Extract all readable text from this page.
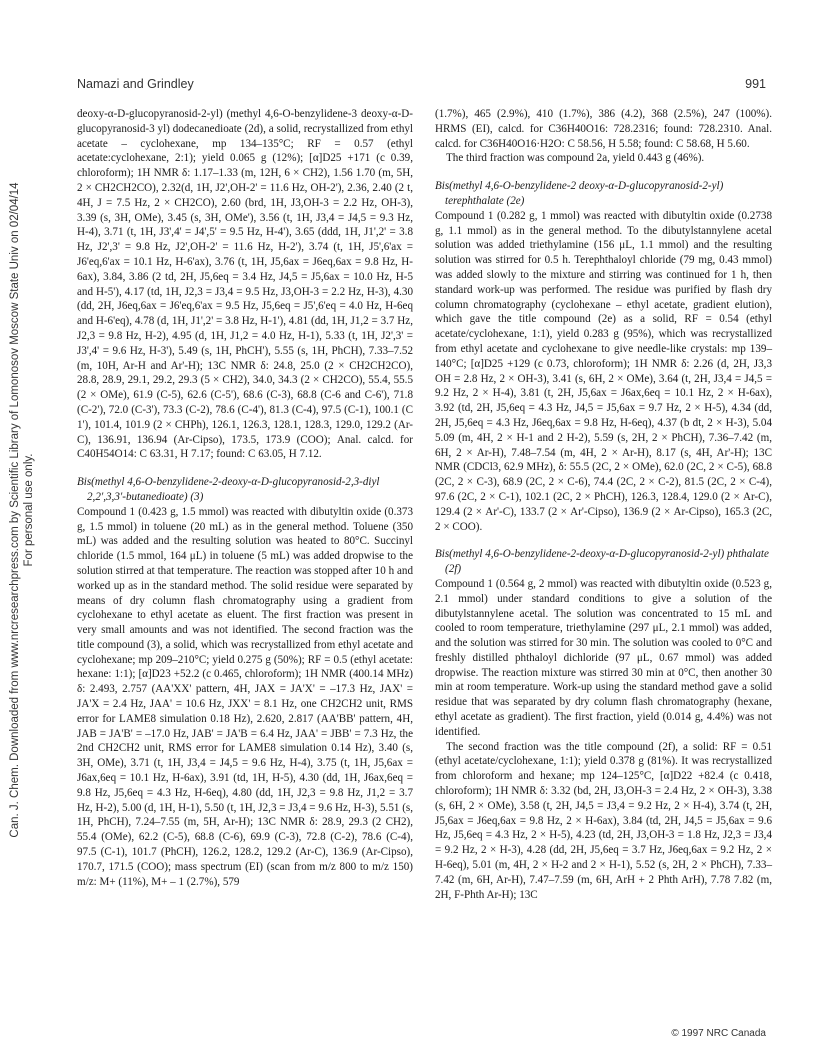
Can. J. Chem. Downloaded from www.nrcresearchpress.com by Scientific Library of Lomonosov Moscow State Univ on 02/04/14 For personal use only.
Namazi and Grindley	991

deoxy-α-D-glucopyranosid-2-yl) (methyl 4,6-O-benzylidene-3 deoxy-α-D-glucopyranosid-3 yl) dodecanedioate (2d), a solid, recrystallized from ethyl acetate – cyclohexane, mp 134–135°C; RF = 0.57 (ethyl acetate:cyclohexane, 2:1); yield 0.065 g (12%); [α]D25 +171 (c 0.39, chloroform); 1H NMR δ: 1.17–1.33 (m, 12H, 6 × CH2), 1.56 1.70 (m, 5H, 2 × CH2CH2CO), 2.32(d, 1H, J2',OH-2' = 11.6 Hz, OH-2'), 2.36, 2.40 (2 t, 4H, J = 7.5 Hz, 2 × CH2CO), 2.60 (brd, 1H, J3,OH-3 = 2.2 Hz, OH-3), 3.39 (s, 3H, OMe), 3.45 (s, 3H, OMe'), 3.56 (t, 1H, J3,4 = J4,5 = 9.3 Hz, H-4), 3.71 (t, 1H, J3',4' = J4',5' = 9.5 Hz, H-4'), 3.65 (ddd, 1H, J1',2' = 3.8 Hz, J2',3' = 9.8 Hz, J2',OH-2' = 11.6 Hz, H-2'), 3.74 (t, 1H, J5',6'ax = J6'eq,6'ax = 10.1 Hz, H-6'ax), 3.76 (t, 1H, J5,6ax = J6eq,6ax = 9.8 Hz, H-6ax), 3.84, 3.86 (2 td, 2H, J5,6eq = 3.4 Hz, J4,5 = J5,6ax = 10.0 Hz, H-5 and H-5'), 4.17 (td, 1H, J2,3 = J3,4 = 9.5 Hz, J3,OH-3 = 2.2 Hz, H-3), 4.30 (dd, 2H, J6eq,6ax = J6'eq,6'ax = 9.5 Hz, J5,6eq = J5',6'eq = 4.0 Hz, H-6eq and H-6'eq), 4.78 (d, 1H, J1',2' = 3.8 Hz, H-1'), 4.81 (dd, 1H, J1,2 = 3.7 Hz, J2,3 = 9.8 Hz, H-2), 4.95 (d, 1H, J1,2 = 4.0 Hz, H-1), 5.33 (t, 1H, J2',3' = J3',4' = 9.6 Hz, H-3'), 5.49 (s, 1H, PhCH'), 5.55 (s, 1H, PhCH), 7.33–7.52 (m, 10H, Ar-H and Ar'-H); 13C NMR δ: 24.8, 25.0 (2 × CH2CH2CO), 28.8, 28.9, 29.1, 29.2, 29.3 (5 × CH2), 34.0, 34.3 (2 × CH2CO), 55.4, 55.5 (2 × OMe), 61.9 (C-5), 62.6 (C-5'), 68.6 (C-3), 68.8 (C-6 and C-6'), 71.8 (C-2'), 72.0 (C-3'), 73.3 (C-2), 78.6 (C-4'), 81.3 (C-4), 97.5 (C-1), 100.1 (C 1'), 101.4, 101.9 (2 × CHPh), 126.1, 126.3, 128.1, 128.3, 129.0, 129.2 (Ar-C), 136.91, 136.94 (Ar-Cipso), 173.5, 173.9 (COO); Anal. calcd. for C40H54O14: C 63.31, H 7.17; found: C 63.05, H 7.12.

Bis(methyl 4,6-O-benzylidene-2-deoxy-α-D-glucopyranosid-2,3-diyl 2,2',3,3'-butanedioate) (3)

Compound 1 (0.423 g, 1.5 mmol) was reacted with dibutyltin oxide (0.373 g, 1.5 mmol) in toluene (20 mL) as in the general method. Toluene (350 mL) was added and the resulting solution was heated to 80°C. Succinyl chloride (1.5 mmol, 164 μL) in toluene (5 mL) was added dropwise to the solution stirred at that temperature. The reaction was stopped after 10 h and worked up as in the standard method. The solid residue were separated by means of dry column flash chromatography using a gradient from cyclohexane to ethyl acetate as eluent. The first fraction was present in very small amounts and was not identified. The second fraction was the title compound (3), a solid, which was recrystallized from ethyl acetate and cyclohexane; mp 209–210°C; yield 0.275 g (50%); RF = 0.5 (ethyl acetate: hexane: 1:1); [α]D23 +52.2 (c 0.465, chloroform); 1H NMR (400.14 MHz) δ: 2.493, 2.757 (AA'XX' pattern, 4H, JAX = JA'X' = –17.3 Hz, JAX' = JA'X = 2.4 Hz, JAA' = 10.6 Hz, JXX' = 8.1 Hz, one CH2CH2 unit, RMS error for LAME8 simulation 0.18 Hz), 2.620, 2.817 (AA'BB' pattern, 4H, JAB = JA'B' = –17.0 Hz, JAB' = JA'B = 6.4 Hz, JAA' = JBB' = 7.3 Hz, the 2nd CH2CH2 unit, RMS error for LAME8 simulation 0.14 Hz), 3.40 (s, 3H, OMe), 3.71 (t, 1H, J3,4 = J4,5 = 9.6 Hz, H-4), 3.75 (t, 1H, J5,6ax = J6ax,6eq = 10.1 Hz, H-6ax), 3.91 (td, 1H, H-5), 4.30 (dd, 1H, J6ax,6eq = 9.8 Hz, J5,6eq = 4.3 Hz, H-6eq), 4.80 (dd, 1H, J2,3 = 9.8 Hz, J1,2 = 3.7 Hz, H-2), 5.00 (d, 1H, H-1), 5.50 (t, 1H, J2,3 = J3,4 = 9.6 Hz, H-3), 5.51 (s, 1H, PhCH), 7.24–7.55 (m, 5H, Ar-H); 13C NMR δ: 28.9, 29.3 (2 CH2), 55.4 (OMe), 62.2 (C-5), 68.8 (C-6), 69.9 (C-3), 72.8 (C-2), 78.6 (C-4), 97.5 (C-1), 101.7 (PhCH), 126.2, 128.2, 129.2 (Ar-C), 136.9 (Ar-Cipso), 170.7, 171.5 (COO); mass spectrum (EI) (scan from m/z 800 to m/z 150) m/z: M+ (11%), M+ – 1 (2.7%), 579

(1.7%), 465 (2.9%), 410 (1.7%), 386 (4.2), 368 (2.5%), 247 (100%). HRMS (EI), calcd. for C36H40O16: 728.2316; found: 728.2310. Anal. calcd. for C36H40O16·H2O: C 58.56, H 5.58; found: C 58.68, H 5.60.

The third fraction was compound 2a, yield 0.443 g (46%).

Bis(methyl 4,6-O-benzylidene-2 deoxy-α-D-glucopyranosid-2-yl) terephthalate (2e)

Compound 1 (0.282 g, 1 mmol) was reacted with dibutyltin oxide (0.2738 g, 1.1 mmol) as in the general method. To the dibutylstannylene acetal solution was added triethylamine (156 μL, 1.1 mmol) and the resulting solution was stirred for 0.5 h. Terephthaloyl chloride (79 mg, 0.43 mmol) was added slowly to the mixture and stirring was continued for 1 h, then standard work-up was performed. The residue was purified by flash dry column chromatography (cyclohexane – ethyl acetate, gradient elution), which gave the title compound (2e) as a solid, RF = 0.54 (ethyl acetate/cyclohexane, 1:1), yield 0.283 g (95%), which was recrystallized from ethyl acetate and cyclohexane to give needle-like crystals: mp 139–140°C; [α]D25 +129 (c 0.73, chloroform); 1H NMR δ: 2.26 (d, 2H, J3,3 OH = 2.8 Hz, 2 × OH-3), 3.41 (s, 6H, 2 × OMe), 3.64 (t, 2H, J3,4 = J4,5 = 9.2 Hz, 2 × H-4), 3.81 (t, 2H, J5,6ax = J6ax,6eq = 10.1 Hz, 2 × H-6ax), 3.92 (td, 2H, J5,6eq = 4.3 Hz, J4,5 = J5,6ax = 9.7 Hz, 2 × H-5), 4.34 (dd, 2H, J5,6eq = 4.3 Hz, J6eq,6ax = 9.8 Hz, H-6eq), 4.37 (b dt, 2 × H-3), 5.04 5.09 (m, 4H, 2 × H-1 and 2 H-2), 5.59 (s, 2H, 2 × PhCH), 7.36–7.42 (m, 6H, 2 × Ar-H), 7.48–7.54 (m, 4H, 2 × Ar-H), 8.17 (s, 4H, Ar'-H); 13C NMR (CDCl3, 62.9 MHz), δ: 55.5 (2C, 2 × OMe), 62.0 (2C, 2 × C-5), 68.8 (2C, 2 × C-3), 68.9 (2C, 2 × C-6), 74.4 (2C, 2 × C-2), 81.5 (2C, 2 × C-4), 97.6 (2C, 2 × C-1), 102.1 (2C, 2 × PhCH), 126.3, 128.4, 129.0 (2 × Ar-C), 129.4 (2 × Ar'-C), 133.7 (2 × Ar'-Cipso), 136.9 (2 × Ar-Cipso), 165.3 (2C, 2 × COO).

Bis(methyl 4,6-O-benzylidene-2-deoxy-α-D-glucopyranosid-2-yl) phthalate (2f)

Compound 1 (0.564 g, 2 mmol) was reacted with dibutyltin oxide (0.523 g, 2.1 mmol) under standard conditions to give a solution of the dibutylstannylene acetal. The solution was concentrated to 15 mL and cooled to room temperature, triethylamine (297 μL, 2.1 mmol) was added, and the solution was stirred for 30 min. The solution was cooled to 0°C and freshly distilled phthaloyl dichloride (97 μL, 0.67 mmol) was added dropwise. The reaction mixture was stirred 30 min at 0°C, then another 30 min at room temperature. Work-up using the standard method gave a solid residue that was separated by dry column flash chromatography (hexane, ethyl acetate as gradient). The first fraction, yield (0.014 g, 4.4%) was not identified.

The second fraction was the title compound (2f), a solid: RF = 0.51 (ethyl acetate/cyclohexane, 1:1); yield 0.378 g (81%). It was recrystallized from chloroform and hexane; mp 124–125°C, [α]D22 +82.4 (c 0.418, chloroform); 1H NMR δ: 3.32 (bd, 2H, J3,OH-3 = 2.4 Hz, 2 × OH-3), 3.38 (s, 6H, 2 × OMe), 3.58 (t, 2H, J4,5 = J3,4 = 9.2 Hz, 2 × H-4), 3.74 (t, 2H, J5,6ax = J6eq,6ax = 9.8 Hz, 2 × H-6ax), 3.84 (td, 2H, J4,5 = J5,6ax = 9.6 Hz, J5,6eq = 4.3 Hz, 2 × H-5), 4.23 (td, 2H, J3,OH-3 = 1.8 Hz, J2,3 = J3,4 = 9.2 Hz, 2 × H-3), 4.28 (dd, 2H, J5,6eq = 3.7 Hz, J6eq,6ax = 9.2 Hz, 2 × H-6eq), 5.01 (m, 4H, 2 × H-2 and 2 × H-1), 5.52 (s, 2H, 2 × PhCH), 7.33–7.42 (m, 6H, Ar-H), 7.47–7.59 (m, 6H, ArH + 2 Phth ArH), 7.78 7.82 (m, 2H, F-Phth Ar-H); 13C

© 1997 NRC Canada
